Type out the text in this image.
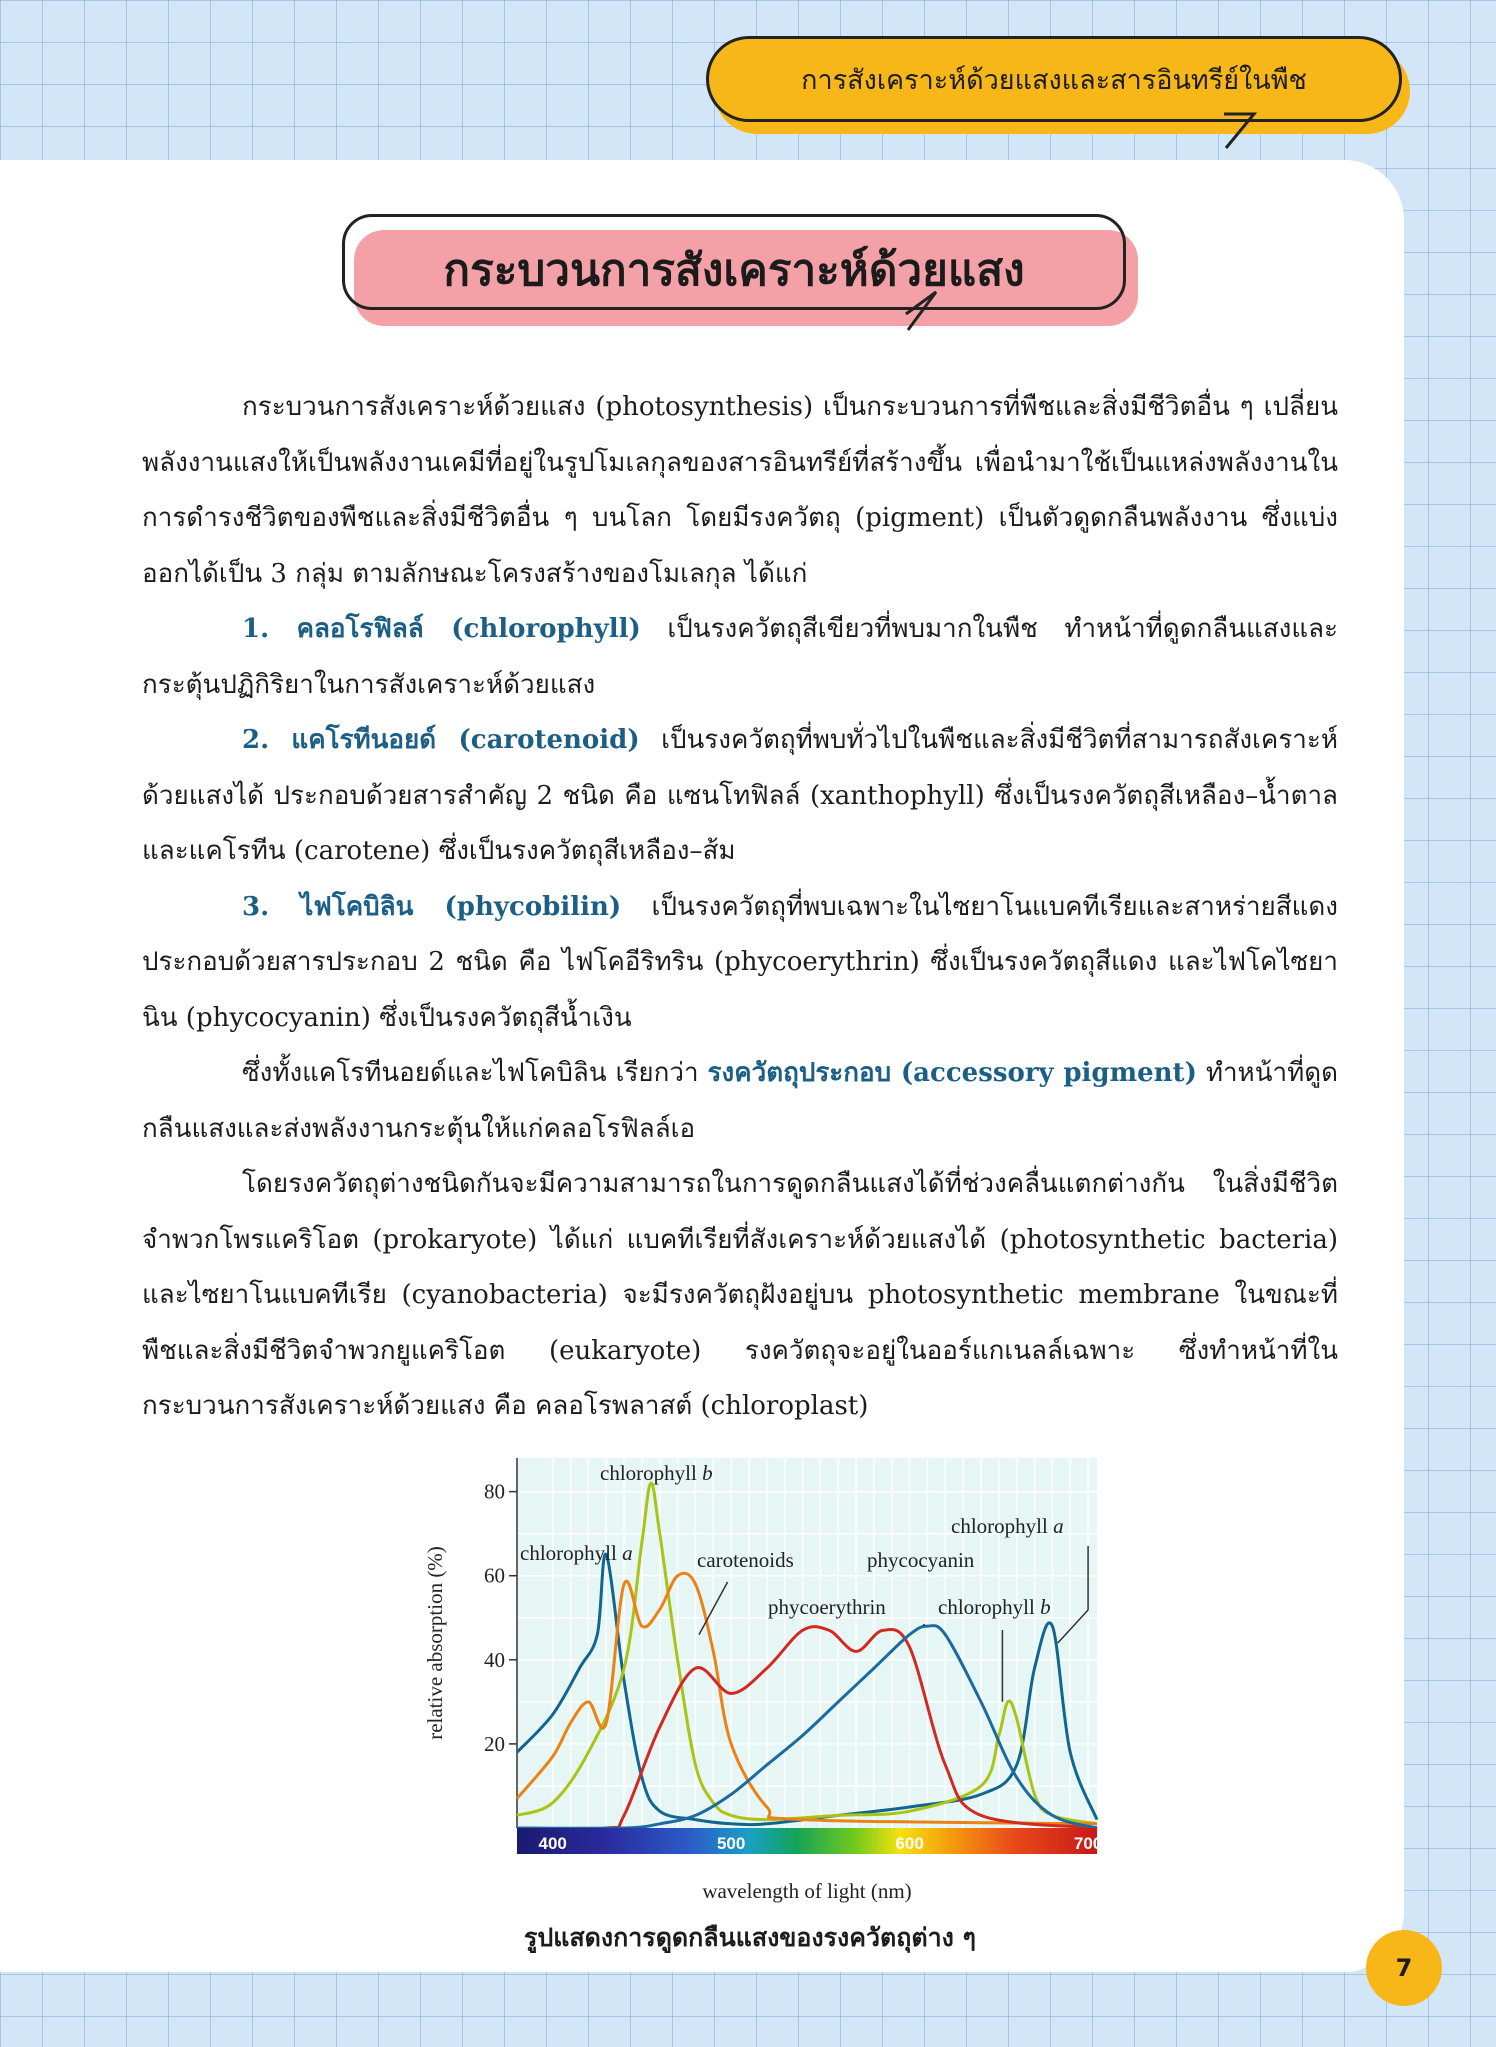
การสังเคราะห์ด้วยแสงและสารอินทรีย์ในพืช
กระบวนการสังเคราะห์ด้วยแสง

กระบวนการสังเคราะห์ด้วยแสง (photosynthesis) เป็นกระบวนการที่พืชและสิ่งมีชีวิตอื่น ๆ เปลี่ยนพลังงานแสงให้เป็นพลังงานเคมีที่อยู่ในรูปโมเลกุลของสารอินทรีย์ที่สร้างขึ้น เพื่อนำมาใช้เป็นแหล่งพลังงานในการดำรงชีวิตของพืชและสิ่งมีชีวิตอื่น ๆ บนโลก โดยมีรงควัตถุ (pigment) เป็นตัวดูดกลืนพลังงาน ซึ่งแบ่งออกได้เป็น 3 กลุ่ม ตามลักษณะโครงสร้างของโมเลกุล ได้แก่

1. คลอโรฟิลล์ (chlorophyll) เป็นรงควัตถุสีเขียวที่พบมากในพืช ทำหน้าที่ดูดกลืนแสงและกระตุ้นปฏิกิริยาในการสังเคราะห์ด้วยแสง

2. แคโรทีนอยด์ (carotenoid) เป็นรงควัตถุที่พบทั่วไปในพืชและสิ่งมีชีวิตที่สามารถสังเคราะห์ด้วยแสงได้ ประกอบด้วยสารสำคัญ 2 ชนิด คือ แซนโทฟิลล์ (xanthophyll) ซึ่งเป็นรงควัตถุสีเหลือง–น้ำตาล และแคโรทีน (carotene) ซึ่งเป็นรงควัตถุสีเหลือง–ส้ม

3. ไฟโคบิลิน (phycobilin) เป็นรงควัตถุที่พบเฉพาะในไซยาโนแบคทีเรียและสาหร่ายสีแดง ประกอบด้วยสารประกอบ 2 ชนิด คือ ไฟโคอีริทริน (phycoerythrin) ซึ่งเป็นรงควัตถุสีแดง และไฟโคไซยานิน (phycocyanin) ซึ่งเป็นรงควัตถุสีน้ำเงิน

ซึ่งทั้งแคโรทีนอยด์และไฟโคบิลิน เรียกว่า รงควัตถุประกอบ (accessory pigment) ทำหน้าที่ดูดกลืนแสงและส่งพลังงานกระตุ้นให้แก่คลอโรฟิลล์เอ

โดยรงควัตถุต่างชนิดกันจะมีความสามารถในการดูดกลืนแสงได้ที่ช่วงคลื่นแตกต่างกัน ในสิ่งมีชีวิตจำพวกโพรแคริโอต (prokaryote) ได้แก่ แบคทีเรียที่สังเคราะห์ด้วยแสงได้ (photosynthetic bacteria) และไซยาโนแบคทีเรีย (cyanobacteria) จะมีรงควัตถุฝังอยู่บน photosynthetic membrane ในขณะที่พืชและสิ่งมีชีวิตจำพวกยูแคริโอต (eukaryote) รงควัตถุจะอยู่ในออร์แกเนลล์เฉพาะ ซึ่งทำหน้าที่ในกระบวนการสังเคราะห์ด้วยแสง คือ คลอโรพลาสต์ (chloroplast)

400	500	600	700
20
40
60
80
wavelength of light (nm)
relative absorption (%)
chlorophyll b
chlorophyll a	carotenoids
phycoerythrin
phycocyanin
chlorophyll a
chlorophyll b
รูปแสดงการดูดกลืนแสงของรงควัตถุต่าง ๆ
7
